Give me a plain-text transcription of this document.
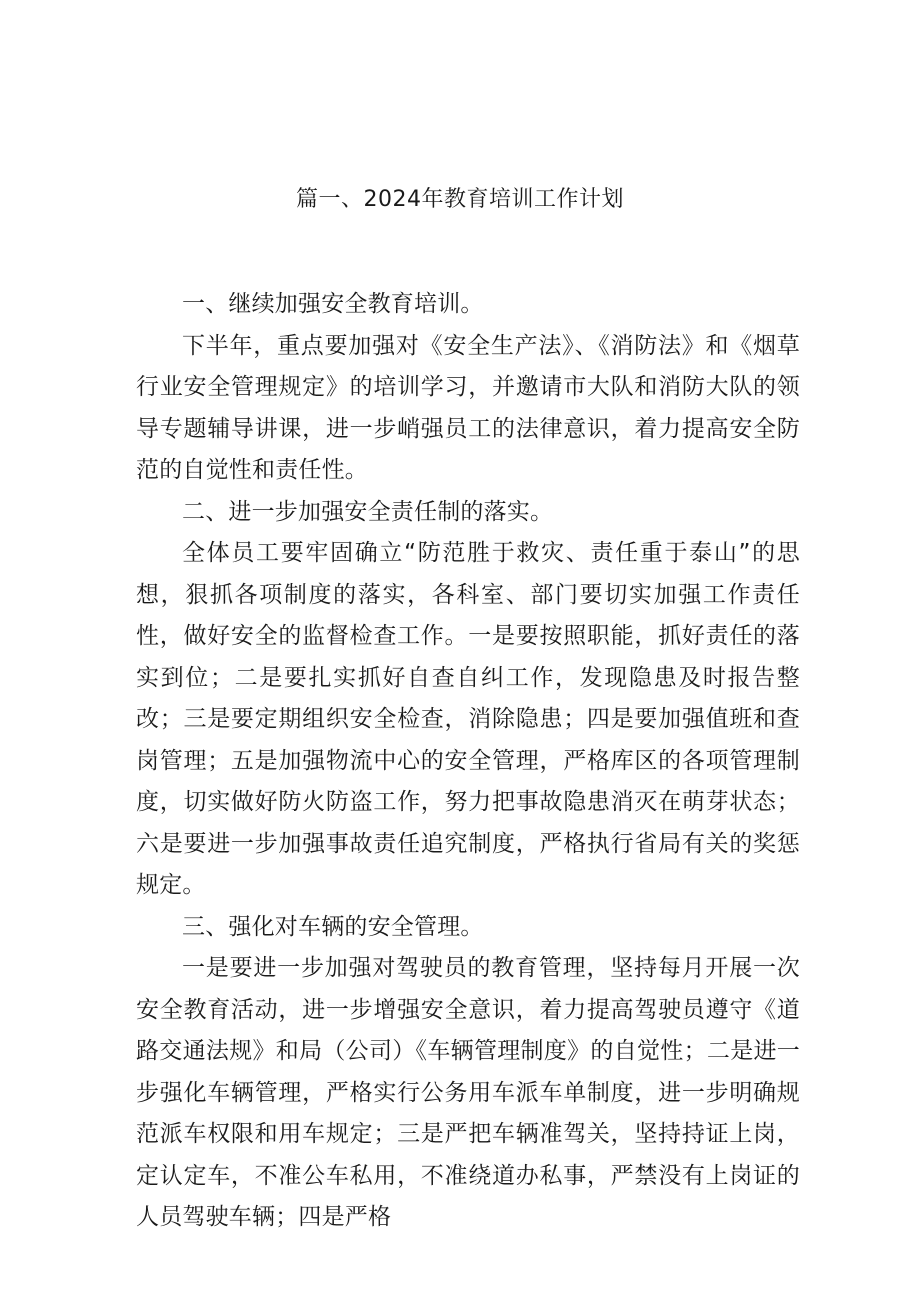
篇一、2024年教育培训工作计划

一、继续加强安全教育培训。

下半年，重点要加强对《安全生产法》、《消防法》和《烟草行业安全管理规定》的培训学习，并邀请市大队和消防大队的领导专题辅导讲课，进一步峭强员工的法律意识，着力提高安全防范的自觉性和责任性。

二、进一步加强安全责任制的落实。

全体员工要牢固确立“防范胜于救灾、责任重于泰山”的思想，狠抓各项制度的落实，各科室、部门要切实加强工作责任性，做好安全的监督检查工作。一是要按照职能，抓好责任的落实到位；二是要扎实抓好自查自纠工作，发现隐患及时报告整改；三是要定期组织安全检查，消除隐患；四是要加强值班和查岗管理；五是加强物流中心的安全管理，严格库区的各项管理制度，切实做好防火防盗工作，努力把事故隐患消灭在萌芽状态；六是要进一步加强事故责任追究制度，严格执行省局有关的奖惩规定。

三、强化对车辆的安全管理。

一是要进一步加强对驾驶员的教育管理，坚持每月开展一次安全教育活动，进一步增强安全意识，着力提高驾驶员遵守《道路交通法规》和局（公司）《车辆管理制度》的自觉性；二是进一步强化车辆管理，严格实行公务用车派车单制度，进一步明确规范派车权限和用车规定；三是严把车辆准驾关，坚持持证上岗，定认定车，不准公车私用，不准绕道办私事，严禁没有上岗证的人员驾驶车辆；四是严格
